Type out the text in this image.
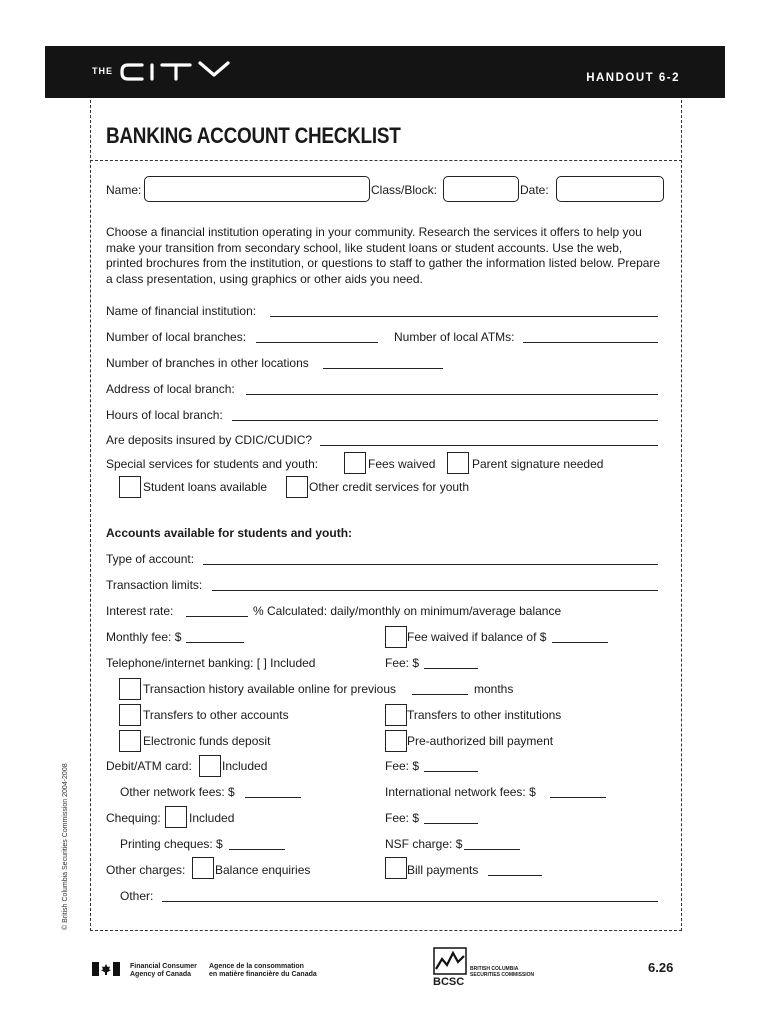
THE
HANDOUT 6-2
BANKING ACCOUNT CHECKLIST
Name:	Class/Block:	Date:
Choose a financial institution operating in your community. Research the services it offers to help you make your transition from secondary school, like student loans or student accounts. Use the web, printed brochures from the institution, or questions to staff to gather the information listed below. Prepare a class presentation, using graphics or other aids you need.
Name of financial institution:
Number of local branches:	Number of local ATMs:
Number of branches in other locations
Address of local branch:
Hours of local branch:
Are deposits insured by CDIC/CUDIC?
Special services for students and youth:	Fees waived	Parent signature needed
Student loans available	Other credit services for youth
Accounts available for students and youth:
Type of account:
Transaction limits:
Interest rate:	% Calculated: daily/monthly on minimum/average balance
Monthly fee: $	Fee waived if balance of $
Telephone/internet banking: [ ] Included	Fee: $
Transaction history available online for previous	months
Transfers to other accounts	Transfers to other institutions
Electronic funds deposit	Pre-authorized bill payment
Debit/ATM card:	Included	Fee: $
Other network fees: $	International network fees: $
Chequing: Included	Fee: $
Printing cheques: $	NSF charge: $
Other charges: Balance enquiries	Bill payments
Other:
© British Columbia Securities Commission 2004-2008
Financial Consumer
Agency of Canada
Agence de la consommation
en matière financière du Canada
BCSC
BRITISH COLUMBIA
SECURITIES COMMISSION	6.26
